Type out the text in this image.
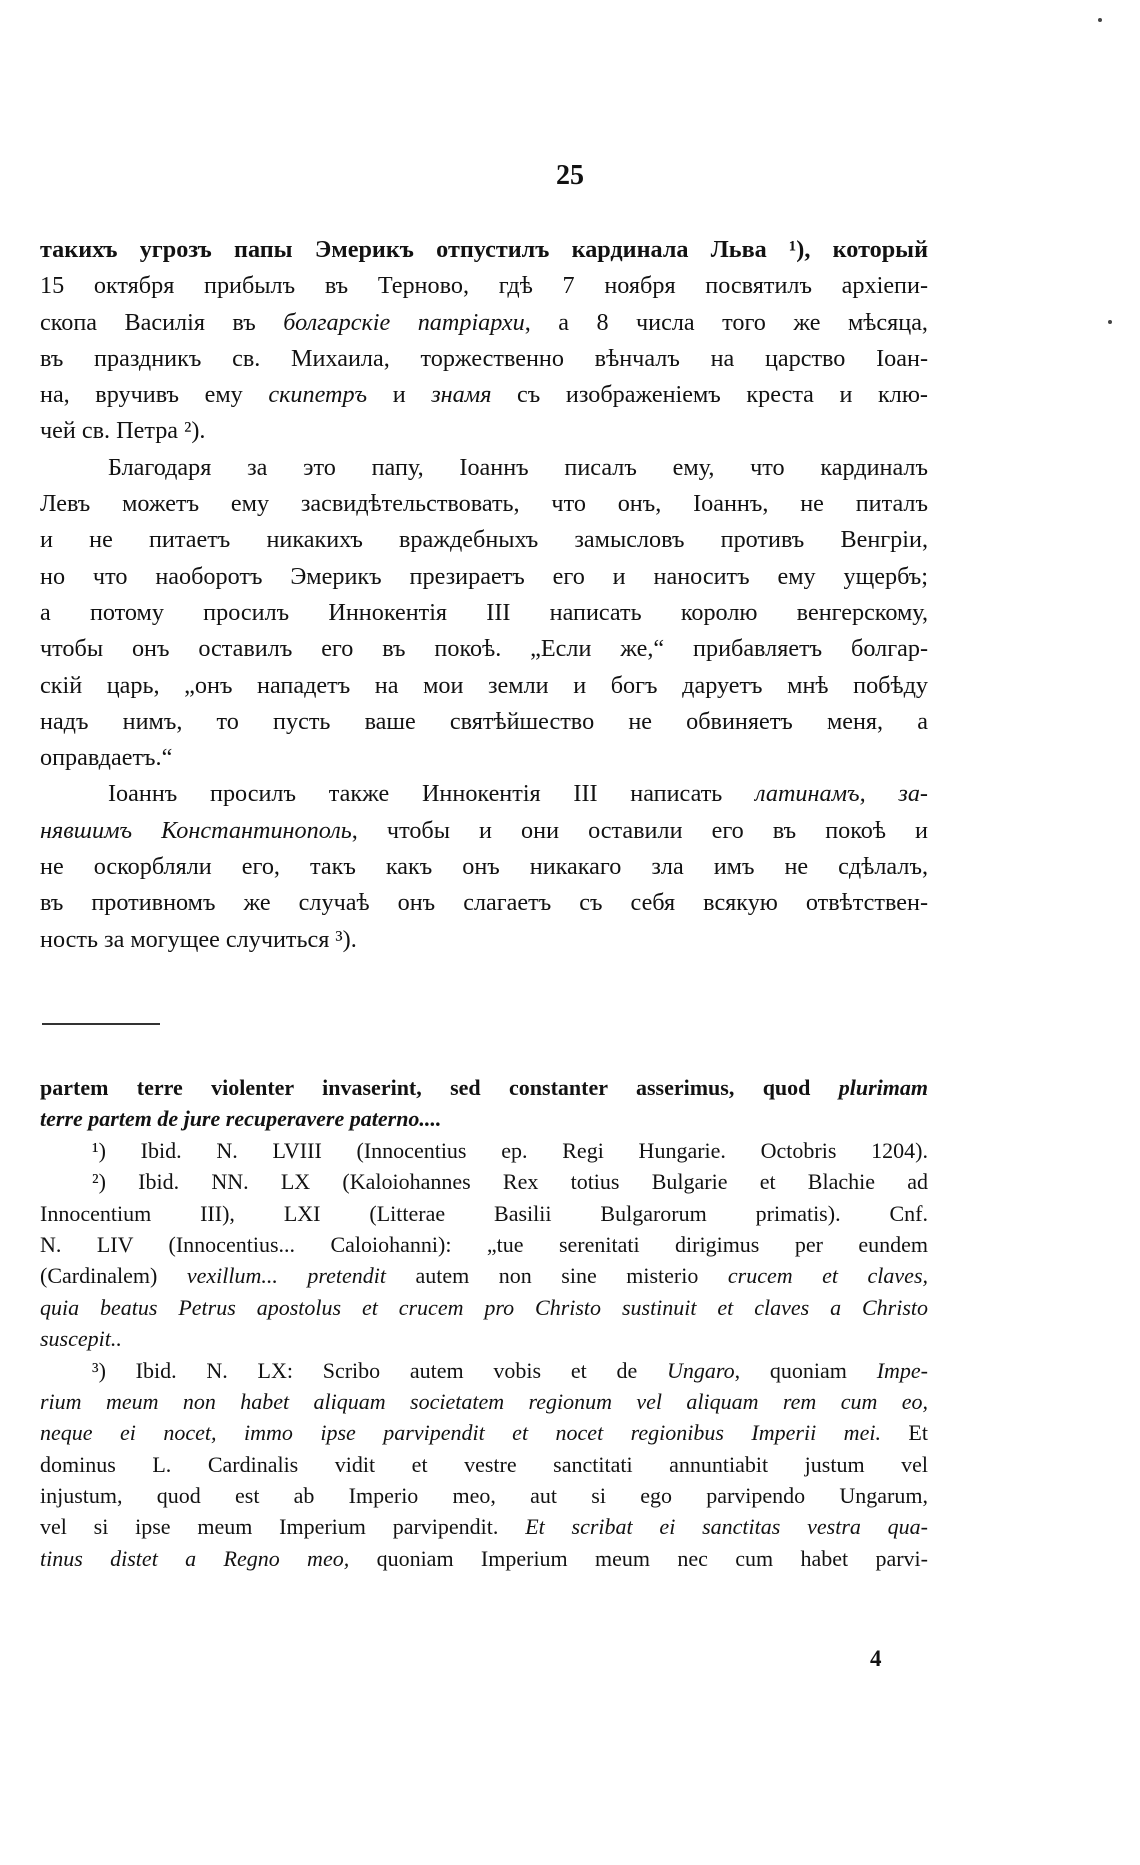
25
такихъ угрозъ папы Эмерикъ отпустилъ кардинала Льва ¹), который
15 октября прибылъ въ Терново, гдѣ 7 ноября посвятилъ архіепи-
скопа Василія въ болгарскіе патріархи, а 8 числа того же мѣсяца,
въ праздникъ св. Михаила, торжественно вѣнчалъ на царство Іоан-
на, вручивъ ему скипетръ и знамя съ изображеніемъ креста и клю-
чей св. Петра ²).
Благодаря за это папу, Іоаннъ писалъ ему, что кардиналъ
Левъ можетъ ему засвидѣтельствовать, что онъ, Іоаннъ, не питалъ
и не питаетъ никакихъ враждебныхъ замысловъ противъ Венгріи,
но что наоборотъ Эмерикъ презираетъ его и наноситъ ему ущербъ;
а потому просилъ Иннокентія III написать королю венгерскому,
чтобы онъ оставилъ его въ покоѣ. „Если же,“ прибавляетъ болгар-
скій царь, „онъ нападетъ на мои земли и богъ даруетъ мнѣ побѣду
надъ нимъ, то пусть ваше святѣйшество не обвиняетъ меня, а
оправдаетъ.“
Іоаннъ просилъ также Иннокентія III написать латинамъ, за-
нявшимъ Константинополь, чтобы и они оставили его въ покоѣ и
не оскорбляли его, такъ какъ онъ никакаго зла имъ не сдѣлалъ,
въ противномъ же случаѣ онъ слагаетъ съ себя всякую отвѣтствен-
ность за могущее случиться ³).
partem terre violenter invaserint, sed constanter asserimus, quod plurimam
terre partem de jure recuperavere paterno....
¹) Ibid. N. LVIII (Innocentius ep. Regi Hungarie. Octobris 1204).
²) Ibid. NN. LX (Kaloiohannes Rex totius Bulgarie et Blachie ad
Innocentium III), LXI (Litterae Basilii Bulgarorum primatis). Cnf.
N. LIV (Innocentius... Caloiohanni): „tue serenitati dirigimus per eundem
(Cardinalem) vexillum... pretendit autem non sine misterio crucem et claves,
quia beatus Petrus apostolus et crucem pro Christo sustinuit et claves a Christo
suscepit..
³) Ibid. N. LX: Scribo autem vobis et de Ungaro, quoniam Impe-
rium meum non habet aliquam societatem regionum vel aliquam rem cum eo,
neque ei nocet, immo ipse parvipendit et nocet regionibus Imperii mei. Et
dominus L. Cardinalis vidit et vestre sanctitati annuntiabit justum vel
injustum, quod est ab Imperio meo, aut si ego parvipendo Ungarum,
vel si ipse meum Imperium parvipendit. Et scribat ei sanctitas vestra qua-
tinus distet a Regno meo, quoniam Imperium meum nec cum habet parvi-
4
